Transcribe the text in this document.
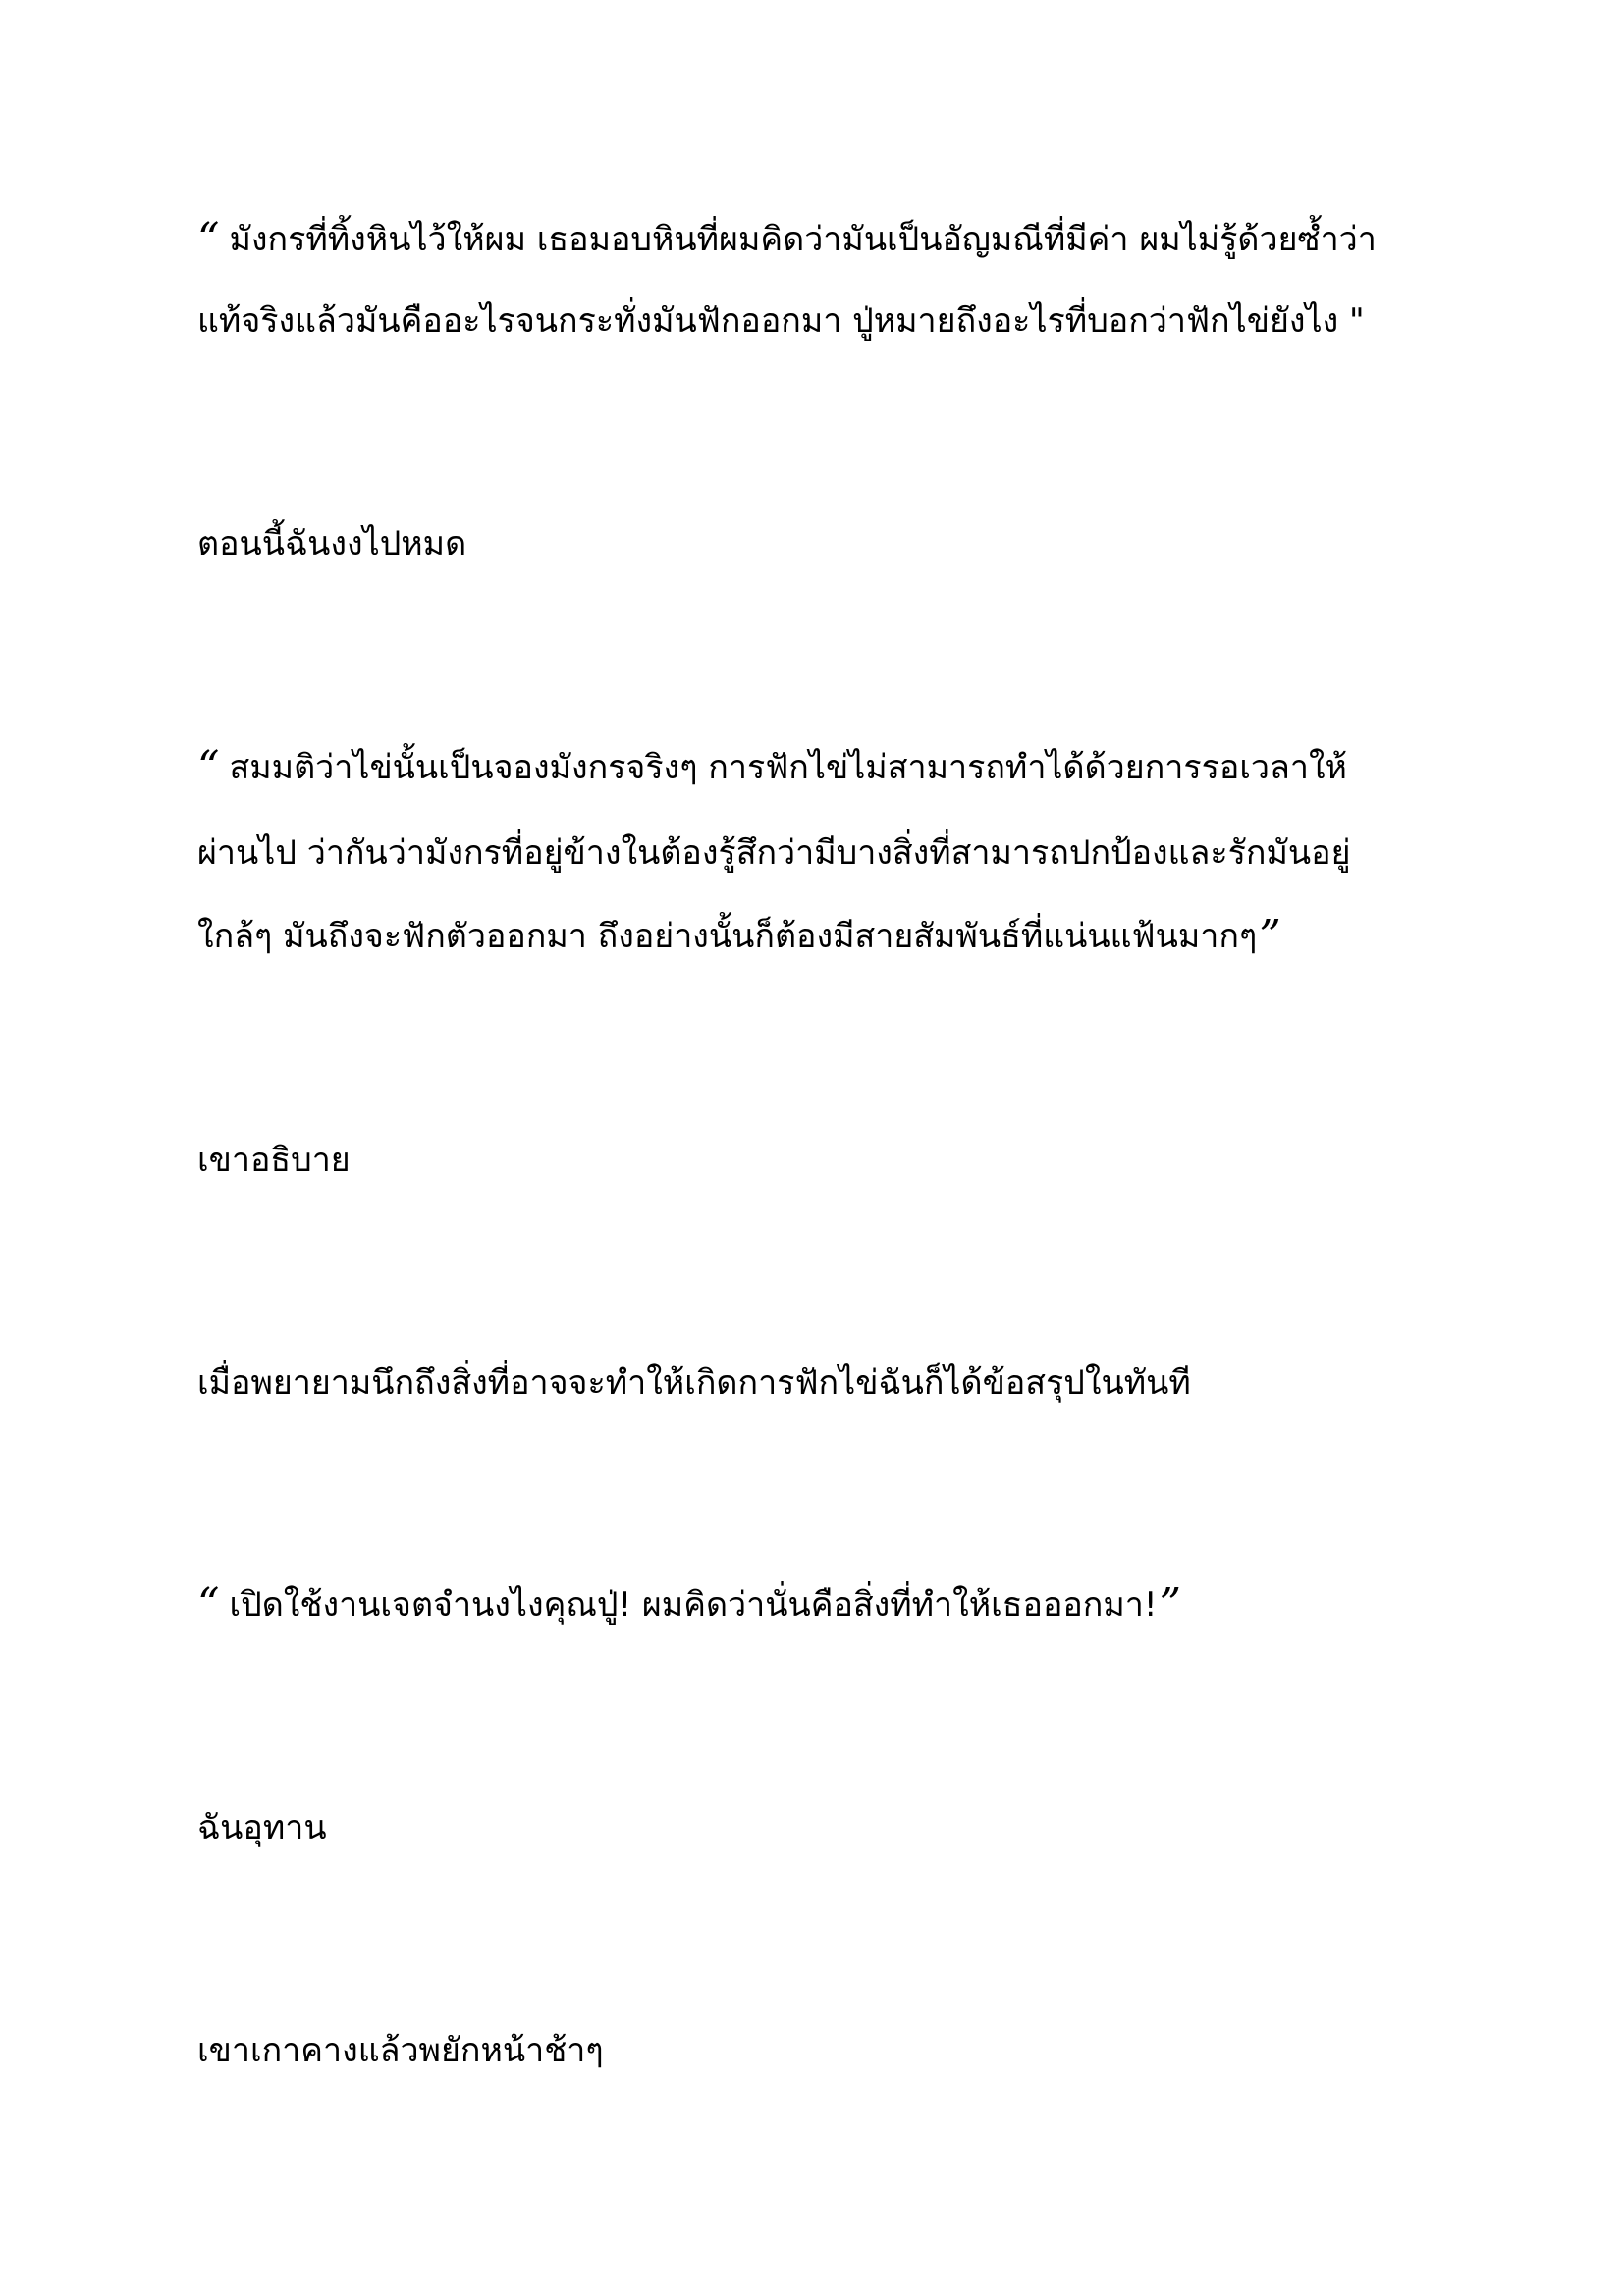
“ มังกรที่ทิ้งหินไว้ให้ผม เธอมอบหินที่ผมคิดว่ามันเป็นอัญมณีที่มีค่า ผมไม่รู้ด้วยซ้ำว่า
แท้จริงแล้วมันคืออะไรจนกระทั่งมันฟักออกมา ปู่หมายถึงอะไรที่บอกว่าฟักไข่ยังไง "
ตอนนี้ฉันงงไปหมด
“ สมมติว่าไข่นั้นเป็นจองมังกรจริงๆ การฟักไข่ไม่สามารถทำได้ด้วยการรอเวลาให้
ผ่านไป ว่ากันว่ามังกรที่อยู่ข้างในต้องรู้สึกว่ามีบางสิ่งที่สามารถปกป้องและรักมันอยู่
ใกล้ๆ มันถึงจะฟักตัวออกมา ถึงอย่างนั้นก็ต้องมีสายสัมพันธ์ที่แน่นแฟ้นมากๆ”
เขาอธิบาย
เมื่อพยายามนึกถึงสิ่งที่อาจจะทำให้เกิดการฟักไข่ฉันก็ได้ข้อสรุปในทันที
“ เปิดใช้งานเจตจำนงไงคุณปู่! ผมคิดว่านั่นคือสิ่งที่ทำให้เธอออกมา!”
ฉันอุทาน
เขาเกาคางแล้วพยักหน้าช้าๆ
